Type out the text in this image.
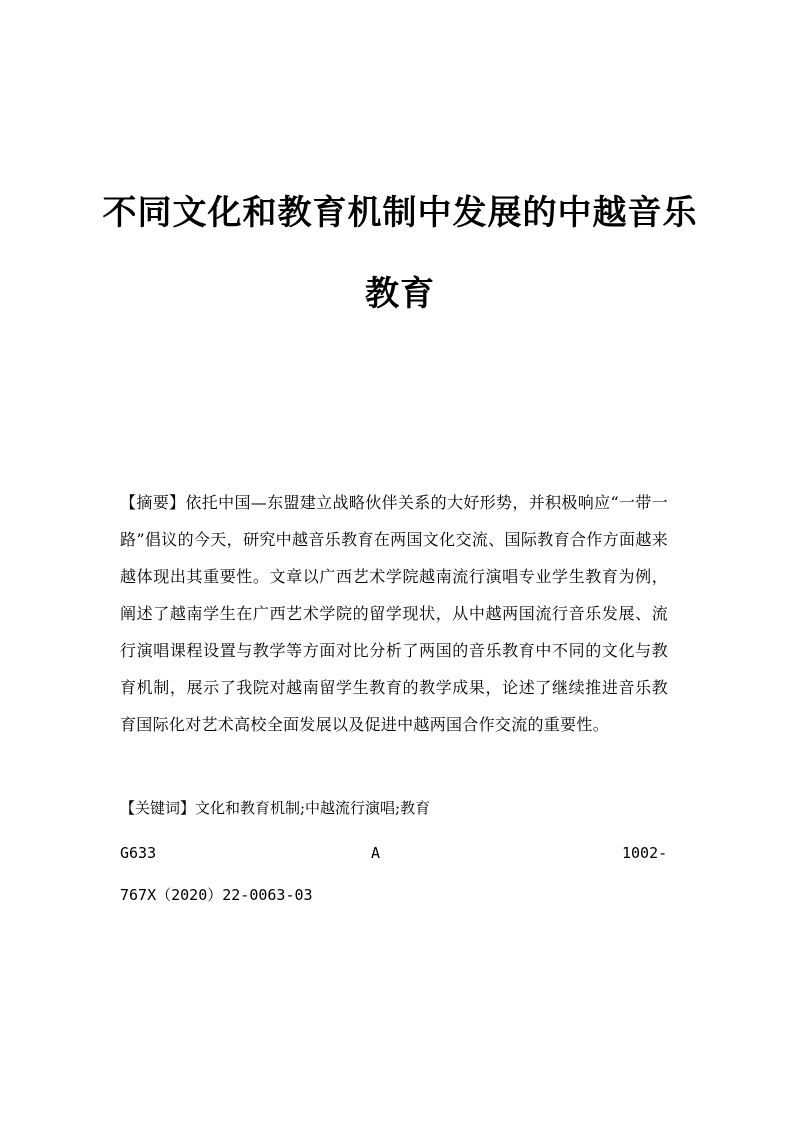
不同文化和教育机制中发展的中越音乐
教育
【摘要】依托中国—东盟建立战略伙伴关系的大好形势，并积极响应“一带一路”倡议的今天，研究中越音乐教育在两国文化交流、国际教育合作方面越来越体现出其重要性。文章以广西艺术学院越南流行演唱专业学生教育为例，阐述了越南学生在广西艺术学院的留学现状，从中越两国流行音乐发展、流行演唱课程设置与教学等方面对比分析了两国的音乐教育中不同的文化与教育机制，展示了我院对越南留学生教育的教学成果，论述了继续推进音乐教育国际化对艺术高校全面发展以及促进中越两国合作交流的重要性。
【关键词】文化和教育机制;中越流行演唱;教育
G633	A	1002-
767X（2020）22-0063-03
